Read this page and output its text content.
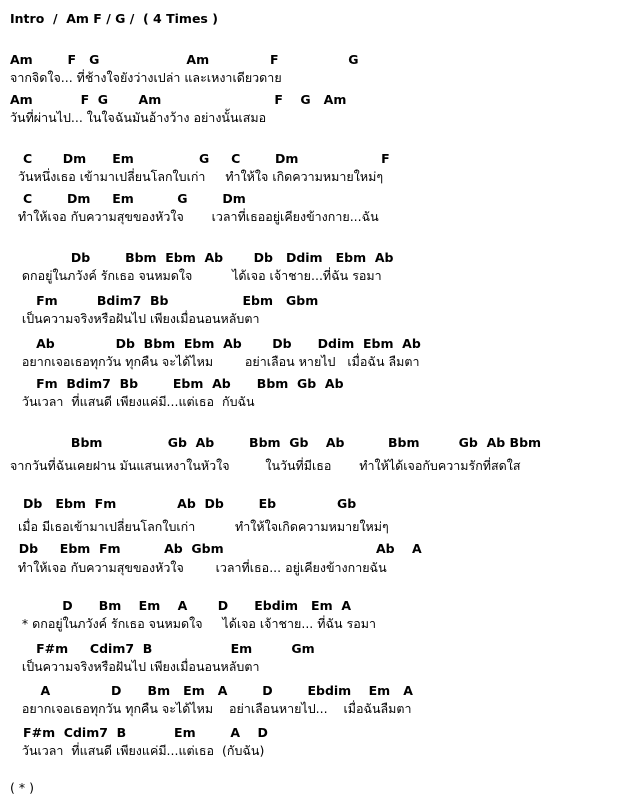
Intro  /  Am F / G /  ( 4 Times )
Am        F   G                    Am              F                G
จากจิดใจ... ที่ช้างใจยังว่างเปล่า และเหงาเดียวดาย
Am           F  G       Am                          F    G   Am
วันที่ผ่านไป... ในใจฉันมันอ้างว้าง อย่างนั้นเสมอ
C       Dm      Em               G     C        Dm                   F
วันหนึ่งเธอ เข้ามาเปลี่ยนโลกใบเก่า     ทำให้ใจ เกิดความหมายใหม่ๆ
C        Dm     Em          G        Dm
ทำให้เจอ กับความสุขของหัวใจ       เวลาที่เธออยู่เคียงข้างกาย...ฉัน
Db        Bbm  Ebm  Ab       Db   Ddim   Ebm  Ab
ดกอยู่ในภวังค์ รักเธอ จนหมดใจ          ได้เจอ เจ้าชาย...ที่ฉัน รอมา
Fm         Bdim7  Bb                 Ebm   Gbm
เป็นความจริงหรือฝันไป เพียงเมื่อนอนหลับตา
Ab              Db  Bbm  Ebm  Ab       Db      Ddim  Ebm  Ab
อยากเจอเธอทุกวัน ทุกคืน จะได้ไหม        อย่าเลือน หายไป   เมื่อฉัน ลืมตา
Fm  Bdim7  Bb        Ebm  Ab      Bbm  Gb  Ab
วันเวลา  ที่แสนดี เพียงแค่มี...แต่เธอ  กับฉัน
Bbm               Gb  Ab        Bbm  Gb    Ab          Bbm         Gb  Ab Bbm
จากวันที่ฉันเคยฝาน มันแสนเหงาในหัวใจ         ในวันที่มีเธอ       ทำให้ได้เจอกับความรักที่สดใส
Db   Ebm  Fm              Ab  Db        Eb              Gb
เมื่อ มีเธอเข้ามาเปลี่ยนโลกใบเก่า          ทำให้ใจเกิดความหมายใหม่ๆ
Db     Ebm  Fm          Ab  Gbm                                   Ab    A
ทำให้เจอ กับความสุขของหัวใจ        เวลาที่เธอ... อยู่เคียงข้างกายฉัน
D      Bm    Em    A       D      Ebdim   Em  A
* ดกอยู่ในภวังค์ รักเธอ จนหมดใจ     ได้เจอ เจ้าชาย... ที่ฉัน รอมา
F#m     Cdim7  B                  Em         Gm
เป็นความจริงหรือฝันไป เพียงเมื่อนอนหลับตา
A              D      Bm   Em   A        D        Ebdim    Em   A
อยากเจอเธอทุกวัน ทุกคืน จะได้ไหม    อย่าเลือนหายไป...    เมื่อฉันลืมตา
F#m  Cdim7  B           Em        A    D
วันเวลา  ที่แสนดี เพียงแค่มี...แต่เธอ  (กับฉัน)
( * )
